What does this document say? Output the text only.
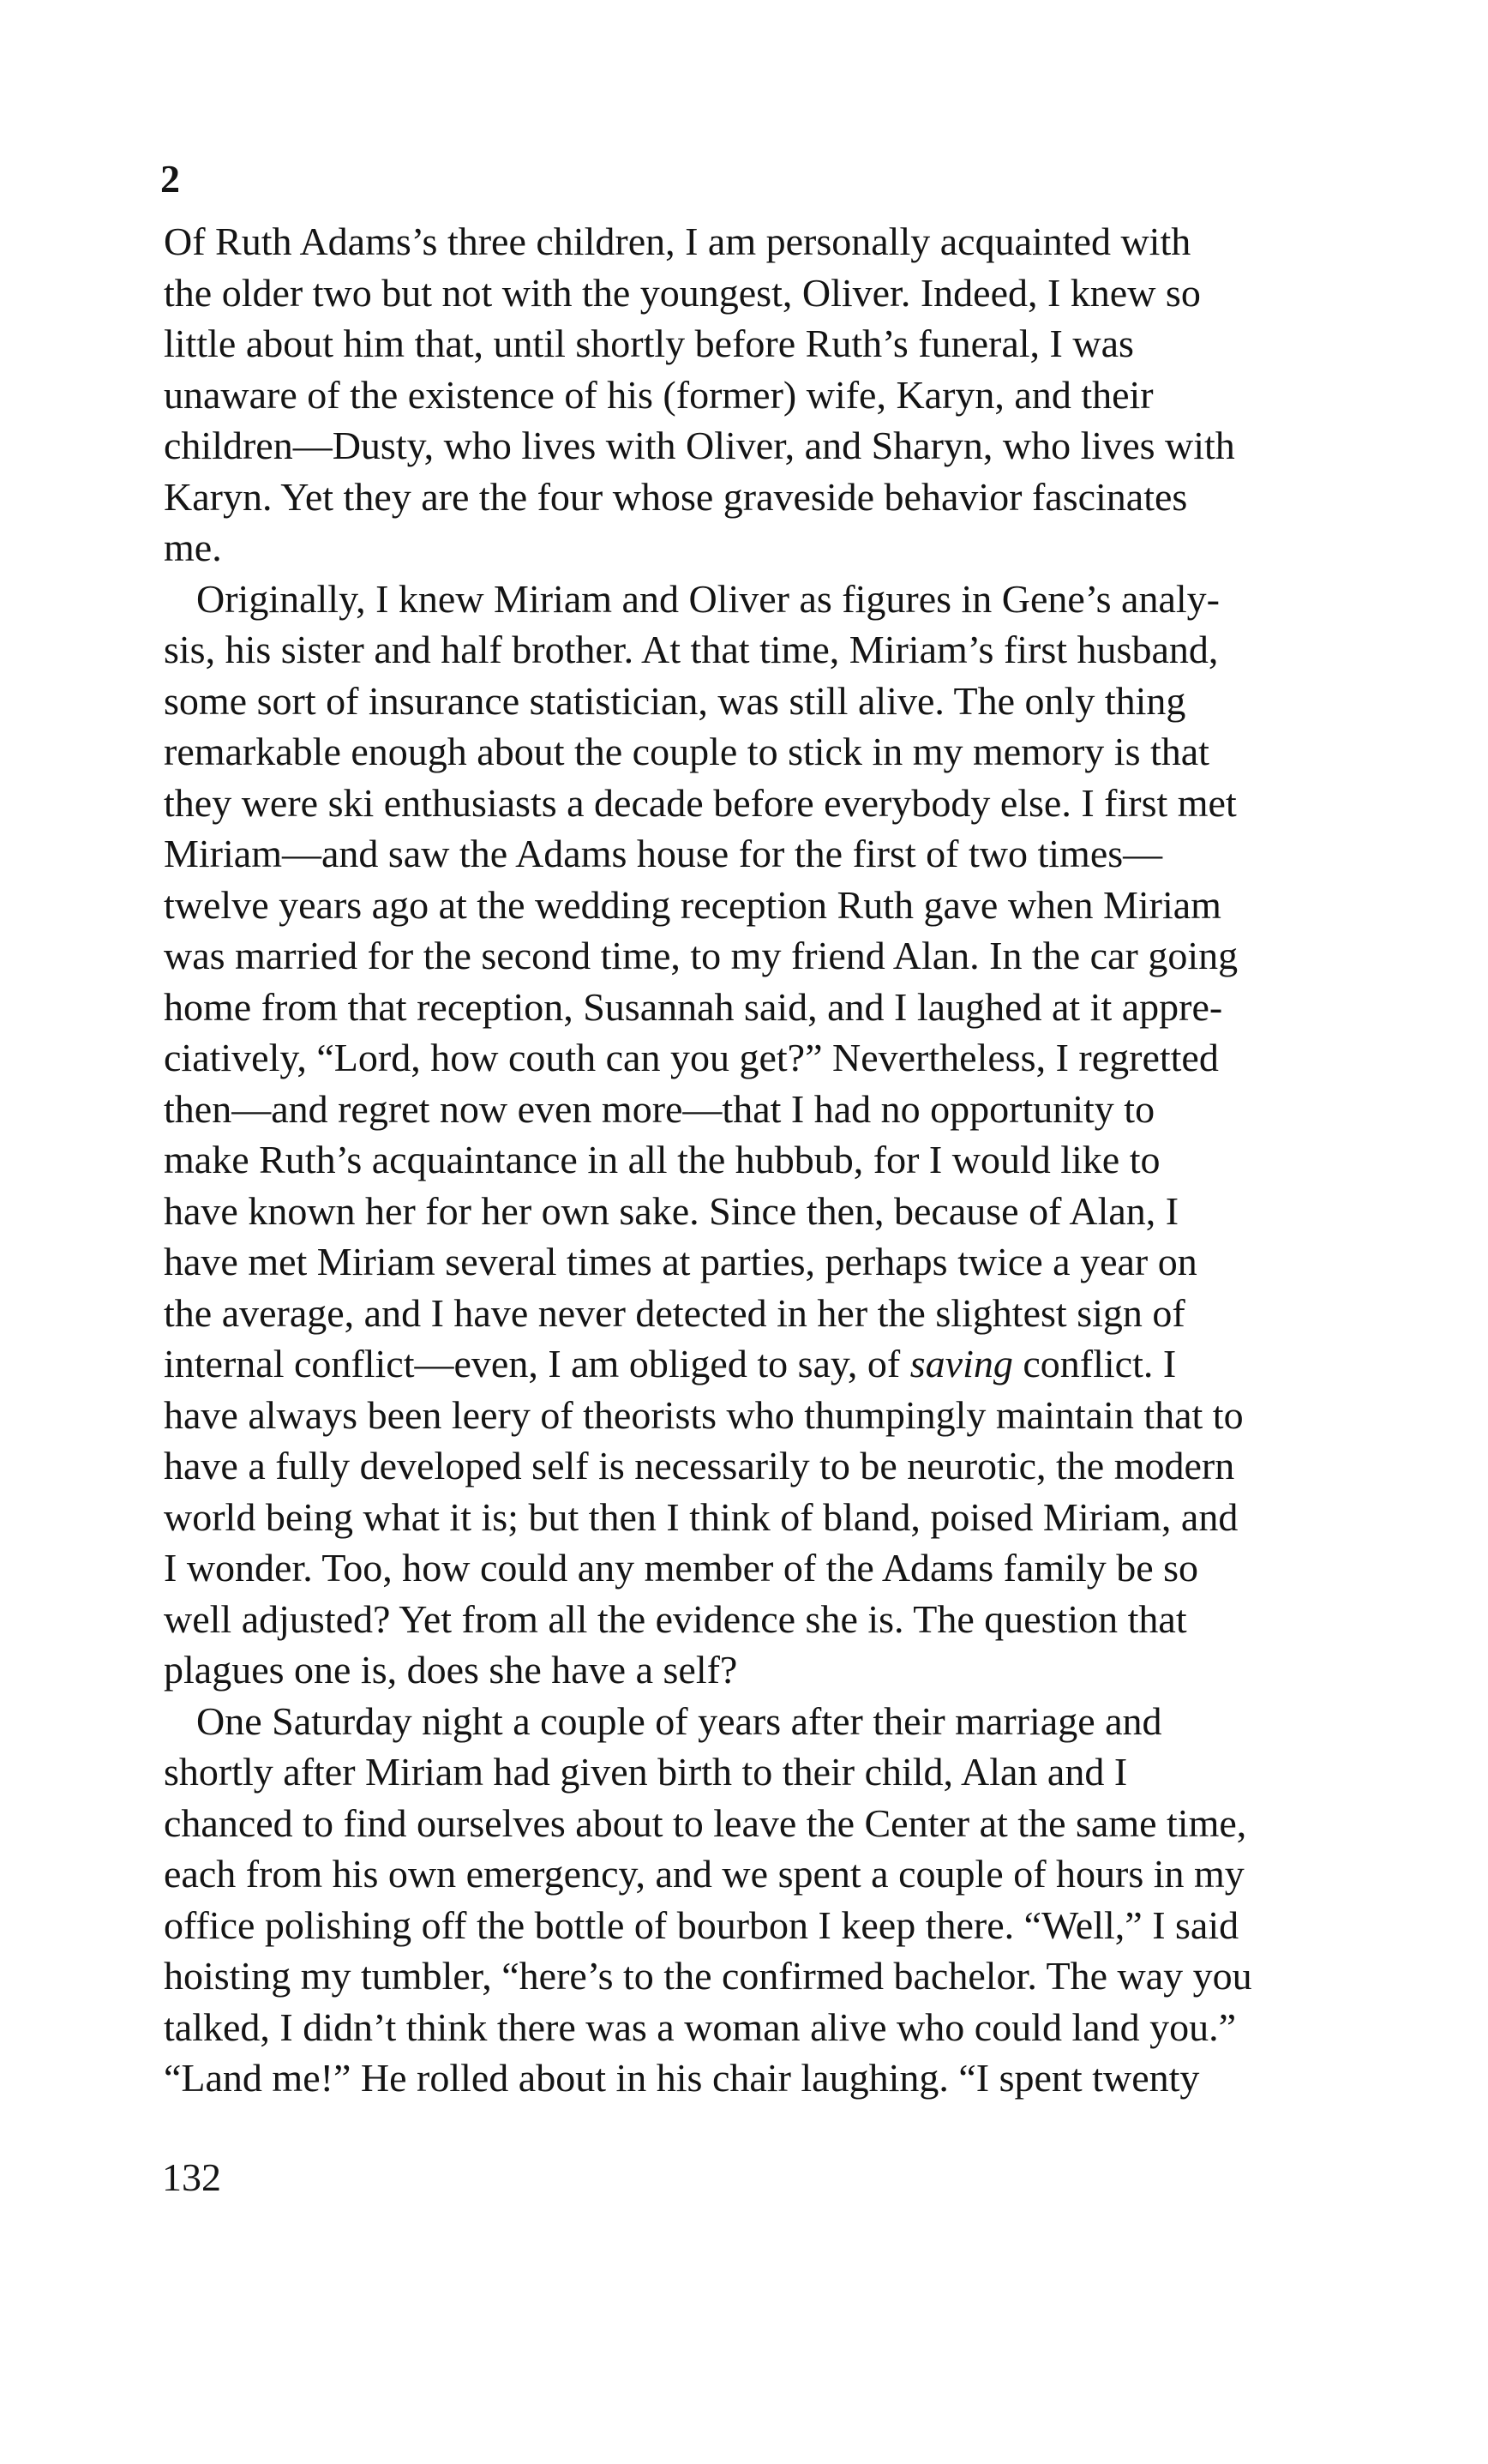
2

Of Ruth Adams’s three children, I am personally acquainted with
the older two but not with the youngest, Oliver. Indeed, I knew so
little about him that, until shortly before Ruth’s funeral, I was
unaware of the existence of his (former) wife, Karyn, and their
children—Dusty, who lives with Oliver, and Sharyn, who lives with
Karyn. Yet they are the four whose graveside behavior fascinates
me.
Originally, I knew Miriam and Oliver as figures in Gene’s analy-
sis, his sister and half brother. At that time, Miriam’s first husband,
some sort of insurance statistician, was still alive. The only thing
remarkable enough about the couple to stick in my memory is that
they were ski enthusiasts a decade before everybody else. I first met
Miriam—and saw the Adams house for the first of two times—
twelve years ago at the wedding reception Ruth gave when Miriam
was married for the second time, to my friend Alan. In the car going
home from that reception, Susannah said, and I laughed at it appre-
ciatively, “Lord, how couth can you get?” Nevertheless, I regretted
then—and regret now even more—that I had no opportunity to
make Ruth’s acquaintance in all the hubbub, for I would like to
have known her for her own sake. Since then, because of Alan, I
have met Miriam several times at parties, perhaps twice a year on
the average, and I have never detected in her the slightest sign of
internal conflict—even, I am obliged to say, of saving conflict. I
have always been leery of theorists who thumpingly maintain that to
have a fully developed self is necessarily to be neurotic, the modern
world being what it is; but then I think of bland, poised Miriam, and
I wonder. Too, how could any member of the Adams family be so
well adjusted? Yet from all the evidence she is. The question that
plagues one is, does she have a self?
One Saturday night a couple of years after their marriage and
shortly after Miriam had given birth to their child, Alan and I
chanced to find ourselves about to leave the Center at the same time,
each from his own emergency, and we spent a couple of hours in my
office polishing off the bottle of bourbon I keep there. “Well,” I said
hoisting my tumbler, “here’s to the confirmed bachelor. The way you
talked, I didn’t think there was a woman alive who could land you.”
“Land me!” He rolled about in his chair laughing. “I spent twenty

132
